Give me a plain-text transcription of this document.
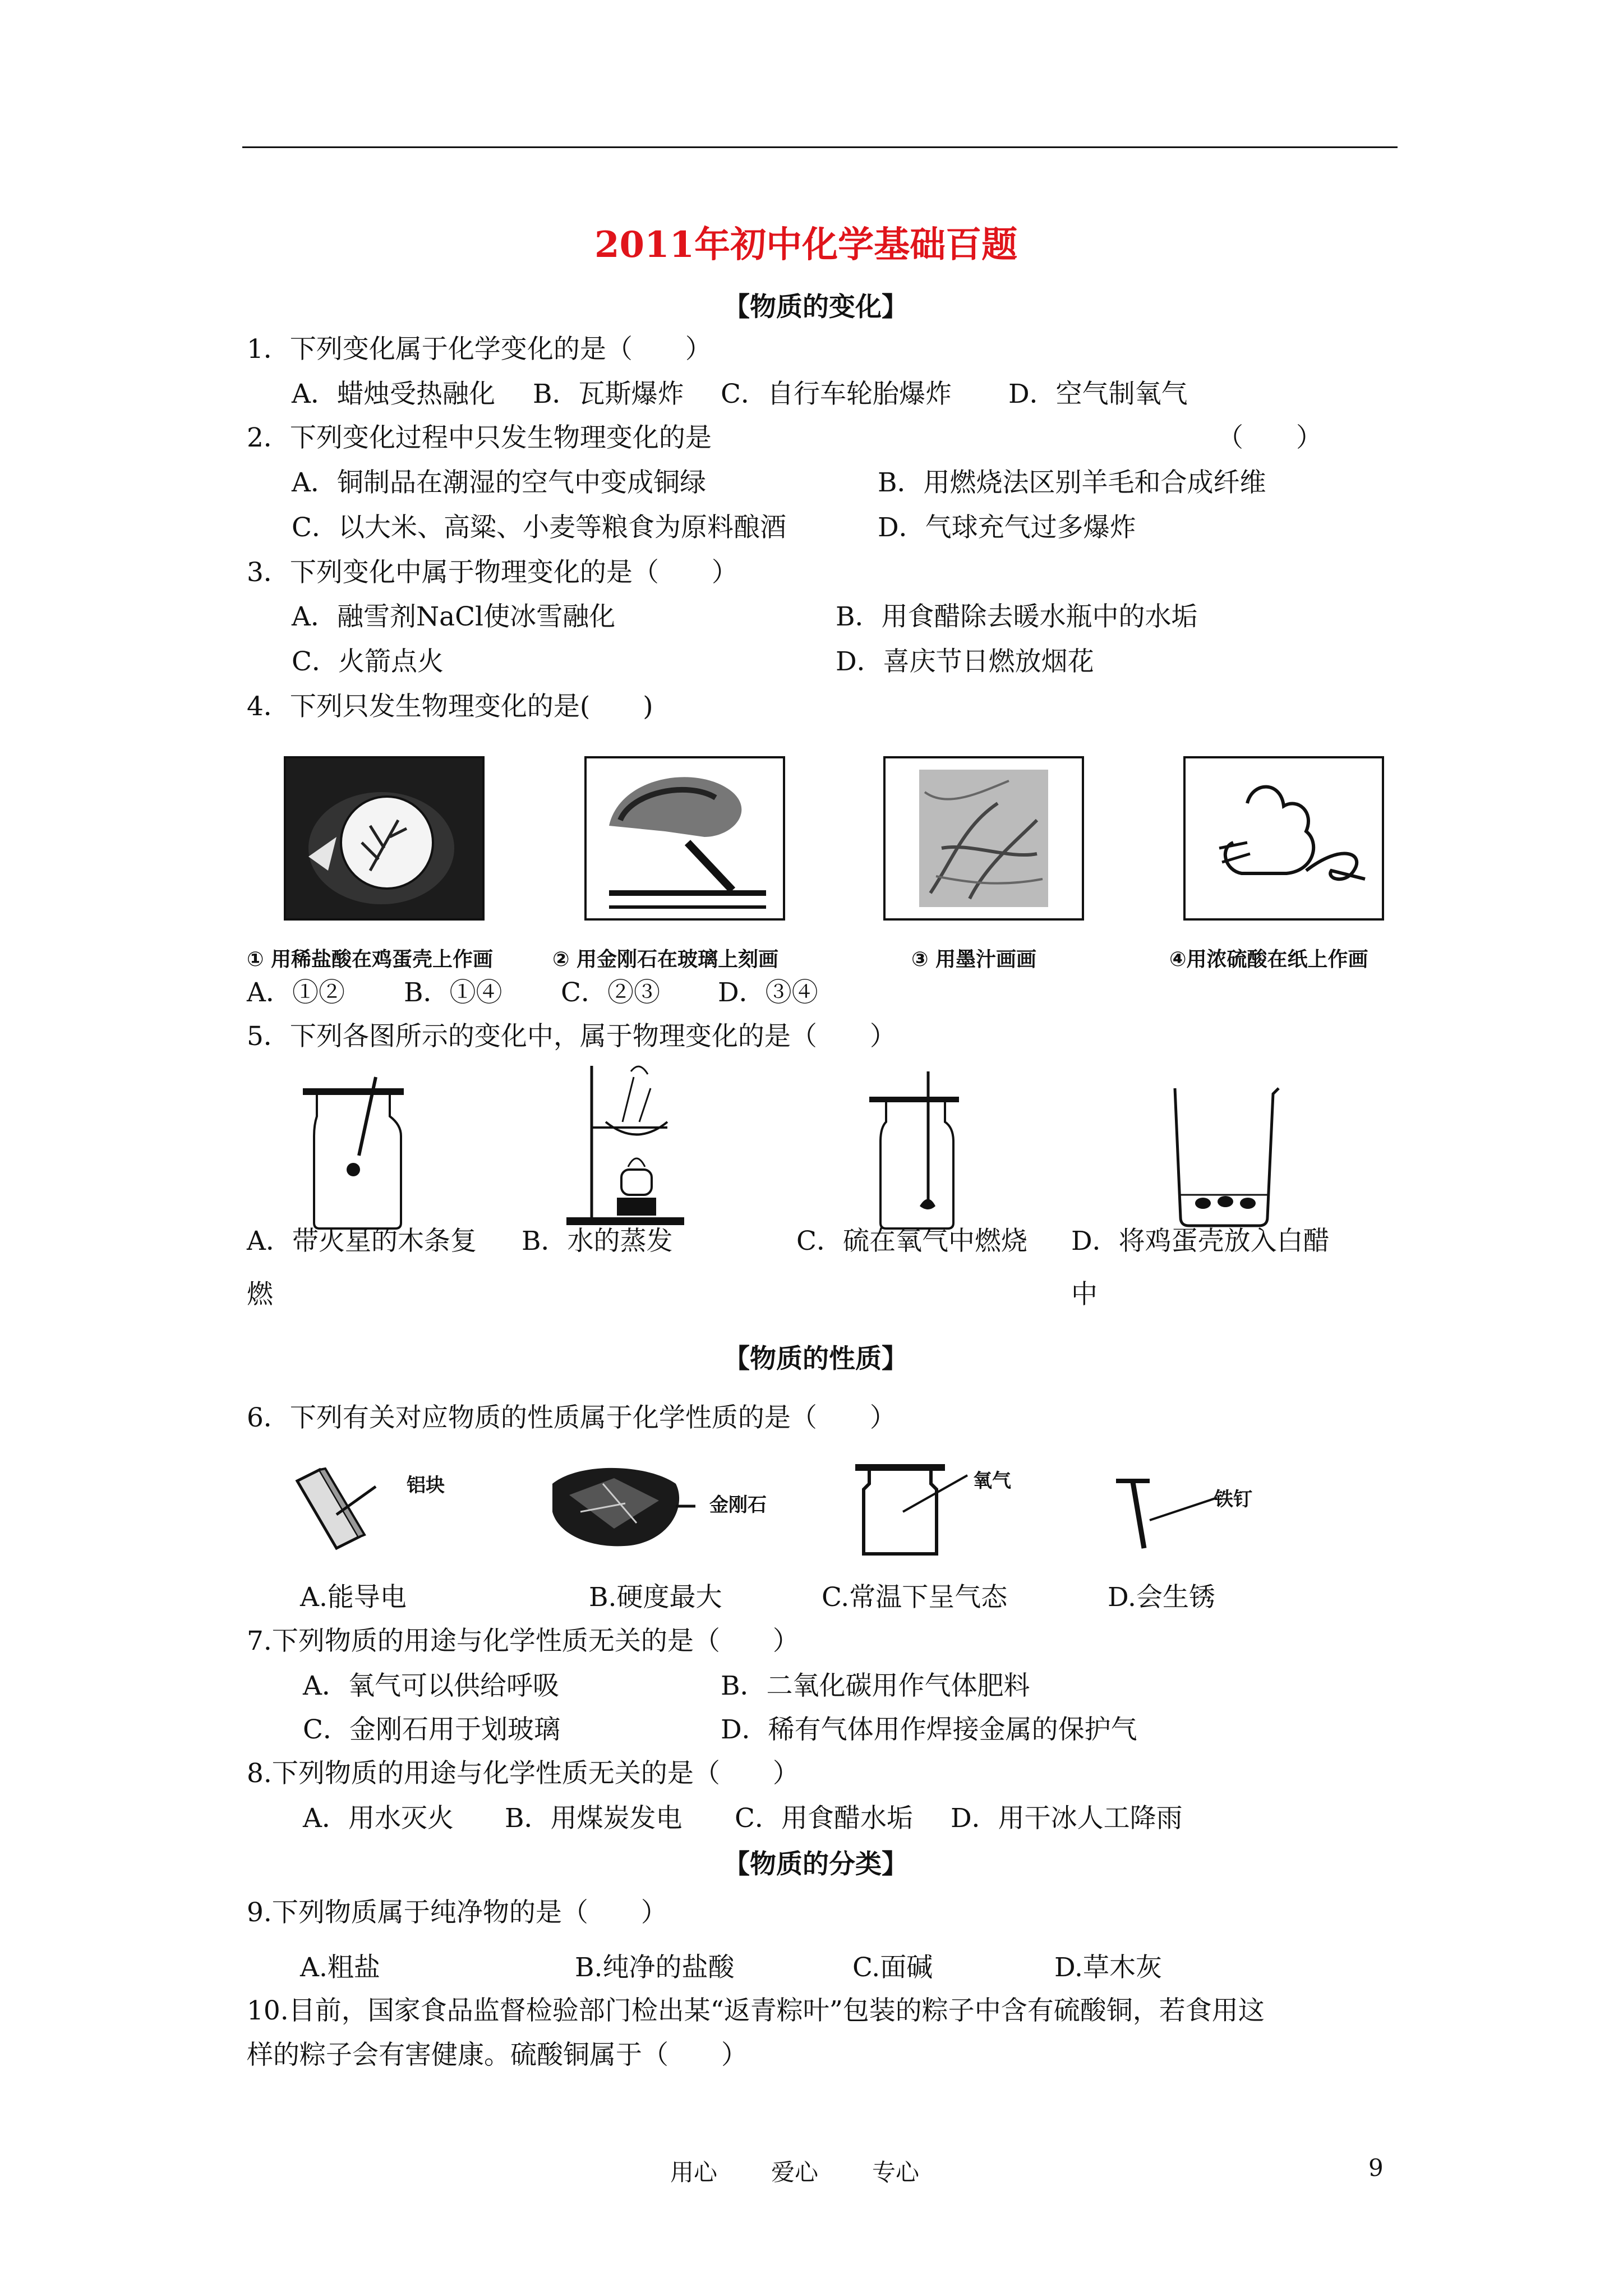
2011年初中化学基础百题
【物质的变化】
1．下列变化属于化学变化的是（　　）
A．蜡烛受热融化 B．瓦斯爆炸 C．自行车轮胎爆炸 D．空气制氧气
2．下列变化过程中只发生物理变化的是	（　　）
A．铜制品在潮湿的空气中变成铜绿	B．用燃烧法区别羊毛和合成纤维
C．以大米、高粱、小麦等粮食为原料酿酒	D．气球充气过多爆炸
3．下列变化中属于物理变化的是（　　）
A．融雪剂NaCl使冰雪融化	B．用食醋除去暖水瓶中的水垢
C．火箭点火	D．喜庆节日燃放烟花
4．下列只发生物理变化的是(　　)
① 用稀盐酸在鸡蛋壳上作画	② 用金刚石在玻璃上刻画	③ 用墨汁画画	④用浓硫酸在纸上作画
A．①② B．①④ C．②③ D．③④
5．下列各图所示的变化中，属于物理变化的是（　　）
A．带火星的木条复
燃
B．水的蒸发	C．硫在氧气中燃烧 D．将鸡蛋壳放入白醋
中
【物质的性质】
6．下列有关对应物质的性质属于化学性质的是（　　）
铝块
金刚石
氧气
铁钉
A.能导电	B.硬度最大	C.常温下呈气态	D.会生锈
7.下列物质的用途与化学性质无关的是（　　）
A．氧气可以供给呼吸	B．二氧化碳用作气体肥料
C．金刚石用于划玻璃	D．稀有气体用作焊接金属的保护气
8.下列物质的用途与化学性质无关的是（　　）
A．用水灭火 B．用煤炭发电 C．用食醋水垢 D．用干冰人工降雨
【物质的分类】
9.下列物质属于纯净物的是（　　）
A.粗盐	B.纯净的盐酸	C.面碱	D.草木灰
10.目前，国家食品监督检验部门检出某“返青粽叶”包装的粽子中含有硫酸铜，若食用这
样的粽子会有害健康。硫酸铜属于（　　）
用心 爱心 专心	9
